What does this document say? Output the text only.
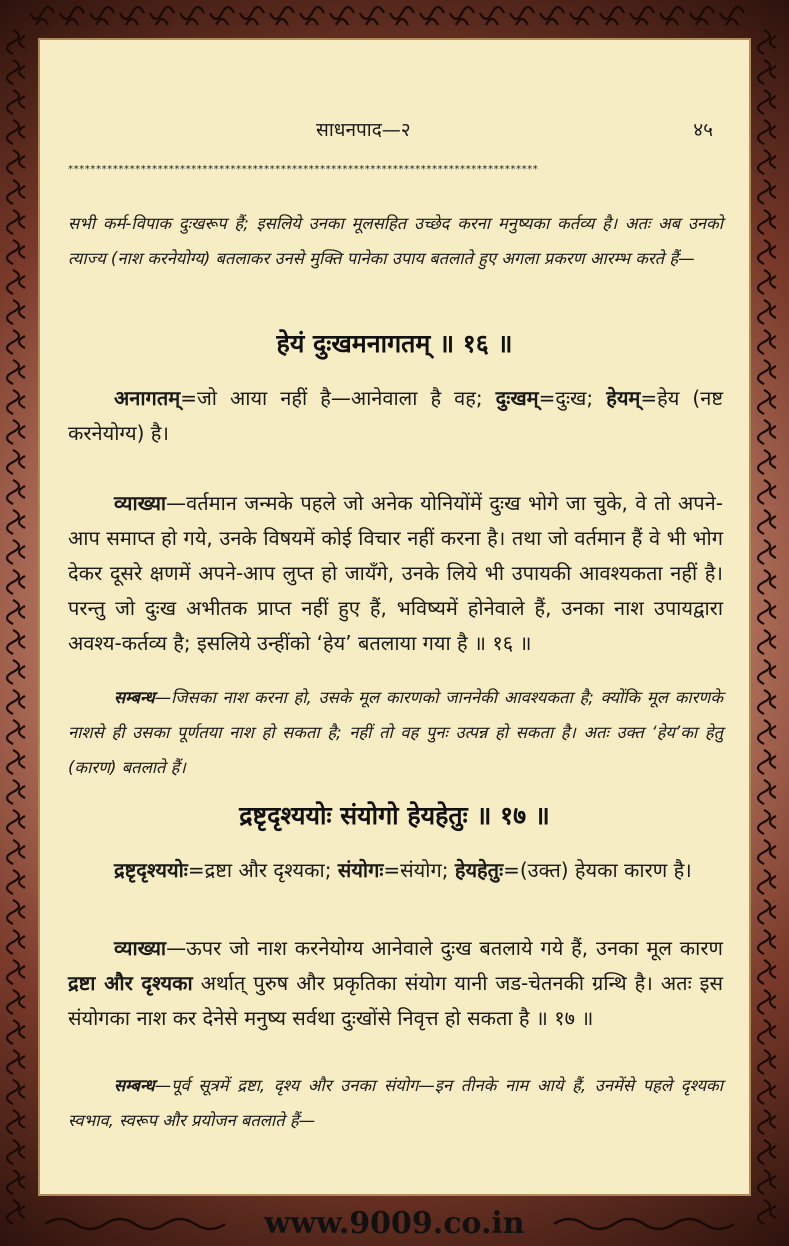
साधनपाद—२	४५
************************************************************************************
सभी कर्म-विपाक दुःखरूप हैं; इसलिये उनका मूलसहित उच्छेद करना मनुष्यका कर्तव्य है। अतः अब उनको त्याज्य (नाश करनेयोग्य) बतलाकर उनसे मुक्ति पानेका उपाय बतलाते हुए अगला प्रकरण आरम्भ करते हैं—
हेयं दुःखमनागतम् ॥ १६ ॥
अनागतम्=जो आया नहीं है—आनेवाला है वह; दुःखम्=दुःख; हेयम्=हेय (नष्ट करनेयोग्य) है।
व्याख्या—वर्तमान जन्मके पहले जो अनेक योनियोंमें दुःख भोगे जा चुके, वे तो अपने-आप समाप्त हो गये, उनके विषयमें कोई विचार नहीं करना है। तथा जो वर्तमान हैं वे भी भोग देकर दूसरे क्षणमें अपने-आप लुप्त हो जायँगे, उनके लिये भी उपायकी आवश्यकता नहीं है। परन्तु जो दुःख अभीतक प्राप्त नहीं हुए हैं, भविष्यमें होनेवाले हैं, उनका नाश उपायद्वारा अवश्य-कर्तव्य है; इसलिये उन्हींको ‘हेय’ बतलाया गया है ॥ १६ ॥
सम्बन्ध—जिसका नाश करना हो, उसके मूल कारणको जाननेकी आवश्यकता है; क्योंकि मूल कारणके नाशसे ही उसका पूर्णतया नाश हो सकता है; नहीं तो वह पुनः उत्पन्न हो सकता है। अतः उक्त ‘हेय’का हेतु (कारण) बतलाते हैं।
द्रष्टृदृश्ययोः संयोगो हेयहेतुः ॥ १७ ॥
द्रष्टृदृश्ययोः=द्रष्टा और दृश्यका; संयोगः=संयोग; हेयहेतुः=(उक्त) हेयका कारण है।
व्याख्या—ऊपर जो नाश करनेयोग्य आनेवाले दुःख बतलाये गये हैं, उनका मूल कारण द्रष्टा और दृश्यका अर्थात् पुरुष और प्रकृतिका संयोग यानी जड-चेतनकी ग्रन्थि है। अतः इस संयोगका नाश कर देनेसे मनुष्य सर्वथा दुःखोंसे निवृत्त हो सकता है ॥ १७ ॥
सम्बन्ध—पूर्व सूत्रमें द्रष्टा, दृश्य और उनका संयोग—इन तीनके नाम आये हैं, उनमेंसे पहले दृश्यका स्वभाव, स्वरूप और प्रयोजन बतलाते हैं—
www.9009.co.in
